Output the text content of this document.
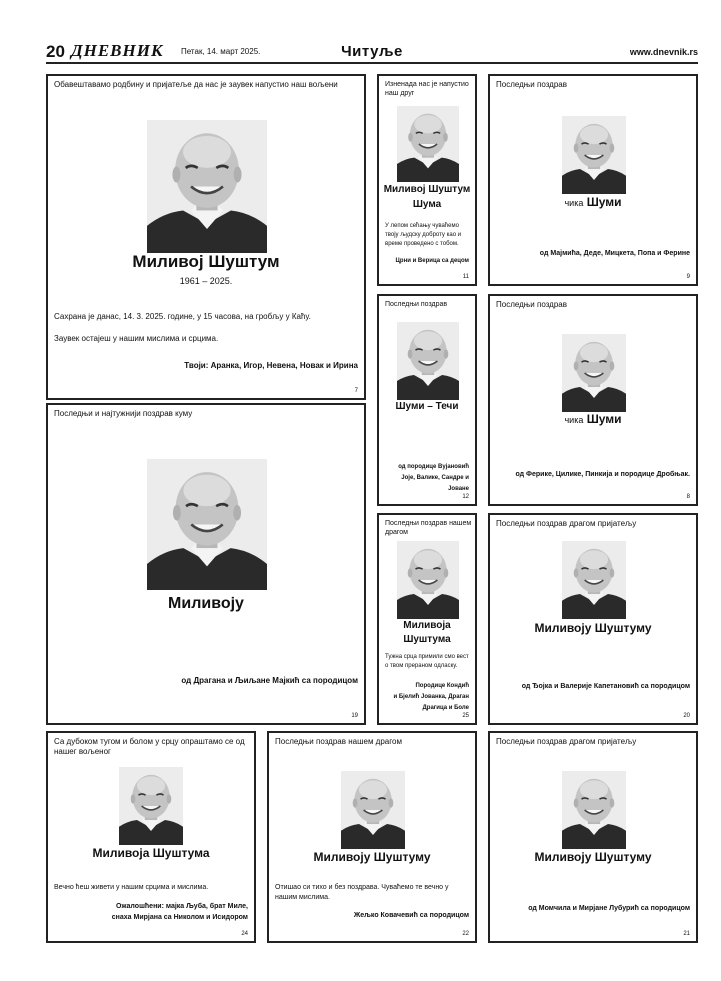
20 ДНЕВНИК Петак, 14. март 2025.	Читуље	www.dnevnik.rs
Обавештавамо родбину и пријатеље да нас је заувек напустио наш вољени
Миливој Шуштум
1961 – 2025.
Сахрана је данас, 14. 3. 2025. године, у 15 часова, на гробљу у Каћу.
Заувек остајеш у нашим мислима и срцима.
Твоји: Аранка, Игор, Невена, Новак и Ирина
7
Изненада нас је напустио наш друг
Миливој Шуштум
Шума
У лепом сећању чуваћемо твоју људску доброту као и време проведено с тобом.
Црни и Верица са децом
11
Последњи поздрав
чика Шуми
од Мајмића, Деде, Мицкета, Попа и Ферине
9
Последњи поздрав
Шуми – Течи
од породице Вујановић
Јоје, Валике, Сандре и Јоване
12
Последњи поздрав
чика Шуми
од Ферике, Цилике, Пинкија и породице Дробњак.
8
Последњи и најтужнији поздрав куму
Миливоју
од Драгана и Љиљане Мајкић са породицом
19
Последњи поздрав нашем драгом
Миливоја
Шуштума
Тужна срца примили смо вест о твом прераном одласку.
Породице Кондић
и Бјелић Јованка, Драган
Драгица и Боле
25
Последњи поздрав драгом пријатељу
Миливоју Шуштуму
од Ђојка и Валерије Капетановић са породицом
20
Са дубоком тугом и болом у срцу опраштамо се од нашег вољеног
Миливоја Шуштума
Вечно ћеш живети у нашим срцима и мислима.
Ожалошћени: мајка Љуба, брат Миле,
снаха Мирјана са Николом и Исидором
24
Последњи поздрав нашем драгом
Миливоју Шуштуму
Отишао си тихо и без поздрава. Чуваћемо те вечно у нашим мислима.
Жељко Ковачевић са породицом
22
Последњи поздрав драгом пријатељу
Миливоју Шуштуму
од Момчила и Мирјане Лубурић са породицом
21
